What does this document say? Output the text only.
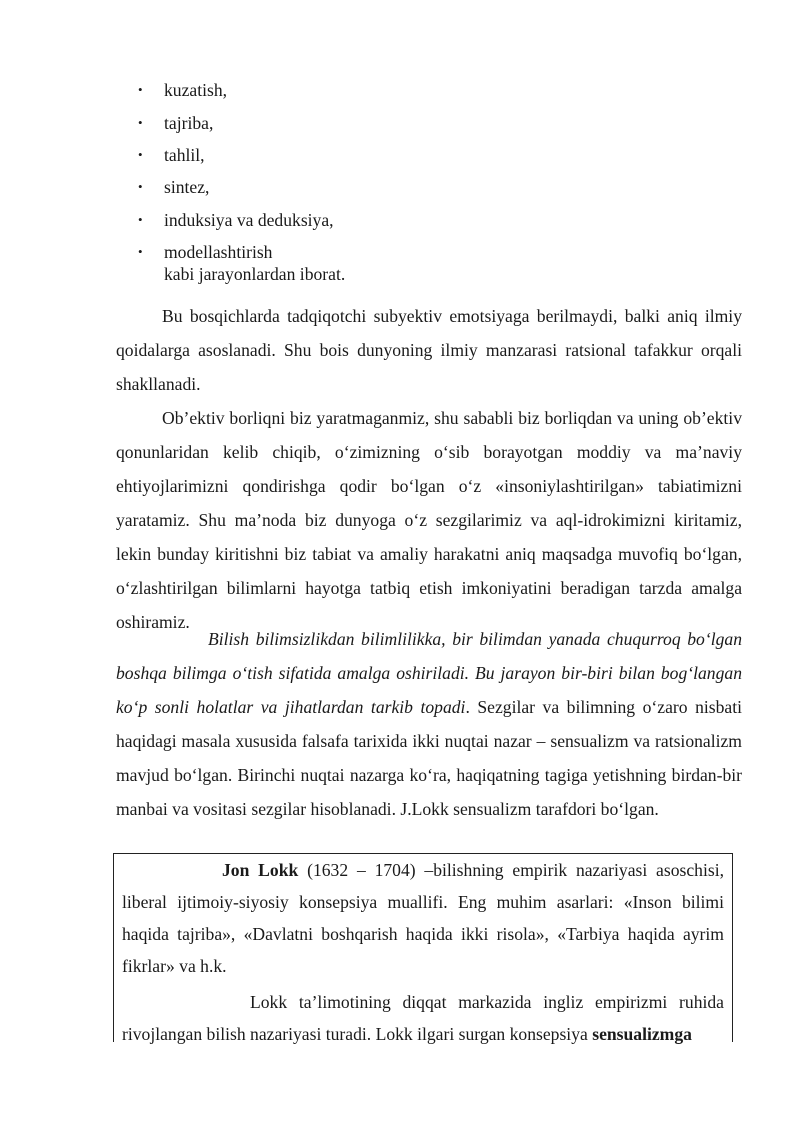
•	kuzatish,
•	tajriba,
•	tahlil,
•	sintez,
•	induksiya va deduksiya,
•	modellashtirish
kabi jarayonlardan iborat.

Bu bosqichlarda tadqiqotchi subyektiv emotsiyaga berilmaydi, balki aniq ilmiy qoidalarga asoslanadi. Shu bois dunyoning ilmiy manzarasi ratsional tafakkur orqali shakllanadi.

Ob’ektiv borliqni biz yaratmaganmiz, shu sababli biz borliqdan va uning ob’ektiv qonunlaridan kelib chiqib, o‘zimizning o‘sib borayotgan moddiy va ma’naviy ehtiyojlarimizni qondirishga qodir bo‘lgan o‘z «insoniylashtirilgan» tabiatimizni yaratamiz. Shu ma’noda biz dunyoga o‘z sezgilarimiz va aql-idrokimizni kiritamiz, lekin bunday kiritishni biz tabiat va amaliy harakatni aniq maqsadga muvofiq bo‘lgan, o‘zlashtirilgan bilimlarni hayotga tatbiq etish imkoniyatini beradigan tarzda amalga oshiramiz.

Bilish bilimsizlikdan bilimlilikka, bir bilimdan yanada chuqurroq bo‘lgan boshqa bilimga o‘tish sifatida amalga oshiriladi. Bu jarayon bir-biri bilan bog‘langan ko‘p sonli holatlar va jihatlardan tarkib topadi. Sezgilar va bilimning o‘zaro nisbati haqidagi masala xususida falsafa tarixida ikki nuqtai nazar – sensualizm va ratsionalizm mavjud bo‘lgan. Birinchi nuqtai nazarga ko‘ra, haqiqatning tagiga yetishning birdan-bir manbai va vositasi sezgilar hisoblanadi. J.Lokk sensualizm tarafdori bo‘lgan.

Jon Lokk (1632 – 1704) –bilishning empirik nazariyasi asoschisi, liberal ijtimoiy-siyosiy konsepsiya muallifi. Eng muhim asarlari: «Inson bilimi haqida tajriba», «Davlatni boshqarish haqida ikki risola», «Tarbiya haqida ayrim fikrlar» va h.k.

Lokk ta’limotining diqqat markazida ingliz empirizmi ruhida rivojlangan bilish nazariyasi turadi. Lokk ilgari surgan konsepsiya sensualizmga
